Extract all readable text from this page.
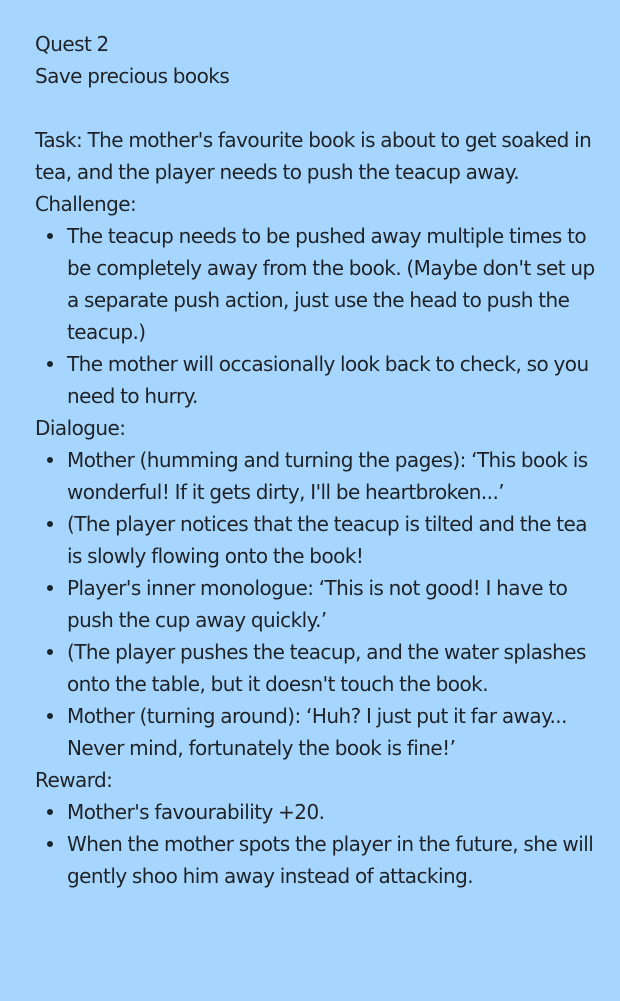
Quest 2

Save precious books

Task: The mother's favourite book is about to get soaked in tea, and the player needs to push the teacup away.

Challenge:

The teacup needs to be pushed away multiple times to be completely away from the book. (Maybe don't set up a separate push action, just use the head to push the teacup.)
The mother will occasionally look back to check, so you need to hurry.

Dialogue:

Mother (humming and turning the pages): ‘This book is wonderful! If it gets dirty, I'll be heartbroken...’
(The player notices that the teacup is tilted and the tea is slowly flowing onto the book!
Player's inner monologue: ‘This is not good! I have to push the cup away quickly.’
(The player pushes the teacup, and the water splashes onto the table, but it doesn't touch the book.
Mother (turning around): ‘Huh? I just put it far away... Never mind, fortunately the book is fine!’

Reward:

Mother's favourability +20.
When the mother spots the player in the future, she will gently shoo him away instead of attacking.
